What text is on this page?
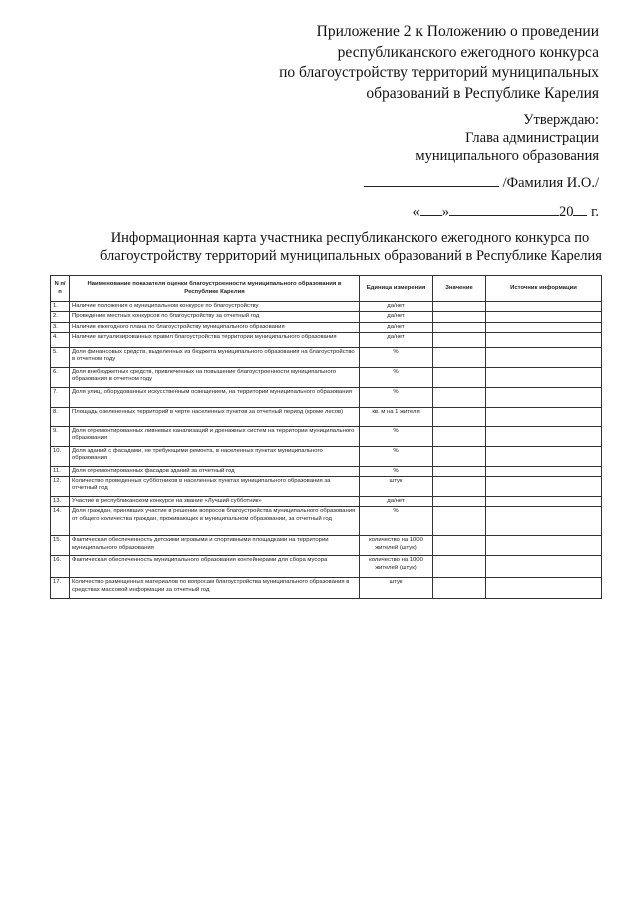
Приложение 2 к Положению о проведении
республиканского ежегодного конкурса
по благоустройству территорий муниципальных
образований в Республике Карелия
Утверждаю:
Глава администрации
муниципального образования
/Фамилия И.О./
« »	20 г.
Информационная карта участника республиканского ежегодного конкурса по
благоустройству территорий муниципальных образований в Республике Карелия
N п/п	Наименование показателя оценки благоустроенности муниципального образования в Республике Карелия	Единица измерения	Значение	Источник информации
1.	Наличие положения о муниципальном конкурсе по благоустройству	да/нет		
2.	Проведение местных конкурсов по благоустройству за отчетный год	да/нет		
3.	Наличие ежегодного плана по благоустройству муниципального образования	да/нет		
4.	Наличие актуализированных правил благоустройства территории муниципального образования	да/нет		
5.	Доля финансовых средств, выделенных из бюджета муниципального образования на благоустройство в отчетном году	%		
6.	Доля внебюджетных средств, привлеченных на повышение благоустроенности муниципального образования в отчетном году	%		
7.	Доля улиц, оборудованных искусственным освещением, на территории муниципального образования	%		
8.	Площадь озелененных территорий в черте населенных пунктов за отчетный период (кроме лесов)	кв. м на 1 жителя		
9.	Доля отремонтированных ливневых канализаций и дренажных систем на территории муниципального образования	%		
10.	Доля зданий с фасадами, не требующими ремонта, в населенных пунктах муниципального образования	%		
11.	Доля отремонтированных фасадов зданий за отчетный год	%		
12.	Количество проведенных субботников в населенных пунктах муниципального образования за отчетный год	штук		
13.	Участие в республиканском конкурсе на звание «Лучший субботник»	да/нет		
14.	Доля граждан, принявших участие в решении вопросов благоустройства муниципального образования от общего количества граждан, проживающих в муниципальном образовании, за отчетный год	%		
15.	Фактическая обеспеченность детскими игровыми и спортивными площадками на территории муниципального образования	количество на 1000 жителей (штук)		
16.	Фактическая обеспеченность муниципального образования контейнерами для сбора мусора	количество на 1000 жителей (штук)		
17.	Количество размещенных материалов по вопросам благоустройства муниципального образования в средствах массовой информации за отчетный год	штук		
